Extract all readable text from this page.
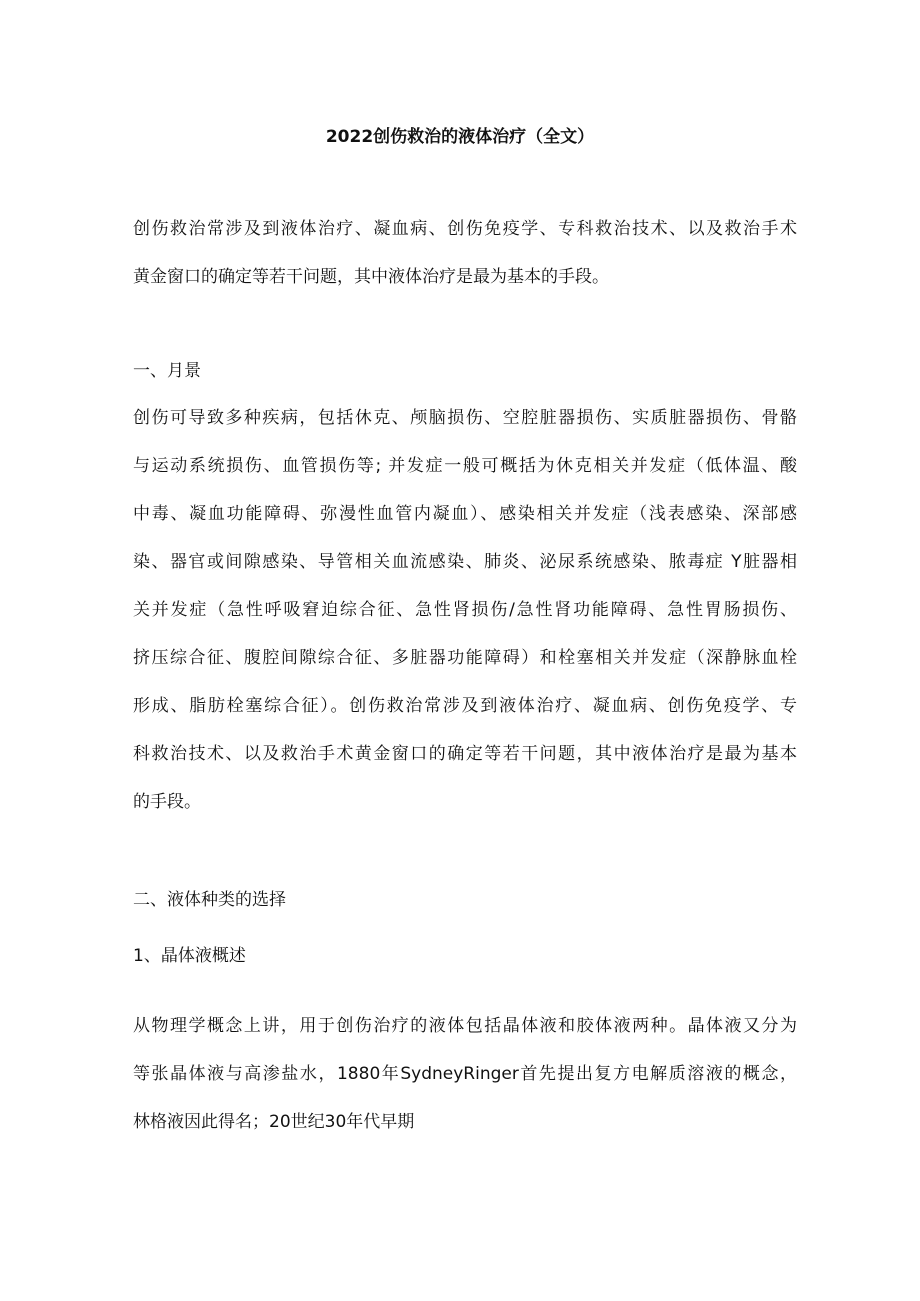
2022创伤救治的液体治疗（全文）
创伤救治常涉及到液体治疗、凝血病、创伤免疫学、专科救治技术、以及救治手术
黄金窗口的确定等若干问题，其中液体治疗是最为基本的手段。
一、月景
创伤可导致多种疾病，包括休克、颅脑损伤、空腔脏器损伤、实质脏器损伤、骨骼
与运动系统损伤、血管损伤等; 并发症一般可概括为休克相关并发症（低体温、酸
中毒、凝血功能障碍、弥漫性血管内凝血）、感染相关并发症（浅表感染、深部感
染、器官或间隙感染、导管相关血流感染、肺炎、泌尿系统感染、脓毒症 Y脏器相
关并发症（急性呼吸窘迫综合征、急性肾损伤/急性肾功能障碍、急性胃肠损伤、
挤压综合征、腹腔间隙综合征、多脏器功能障碍）和栓塞相关并发症（深静脉血栓
形成、脂肪栓塞综合征）。创伤救治常涉及到液体治疗、凝血病、创伤免疫学、专
科救治技术、以及救治手术黄金窗口的确定等若干问题，其中液体治疗是最为基本
的手段。
二、液体种类的选择
1、晶体液概述
从物理学概念上讲，用于创伤治疗的液体包括晶体液和胶体液两种。晶体液又分为
等张晶体液与高渗盐水，1880年SydneyRinger首先提出复方电解质溶液的概念，
林格液因此得名；20世纪30年代早期
